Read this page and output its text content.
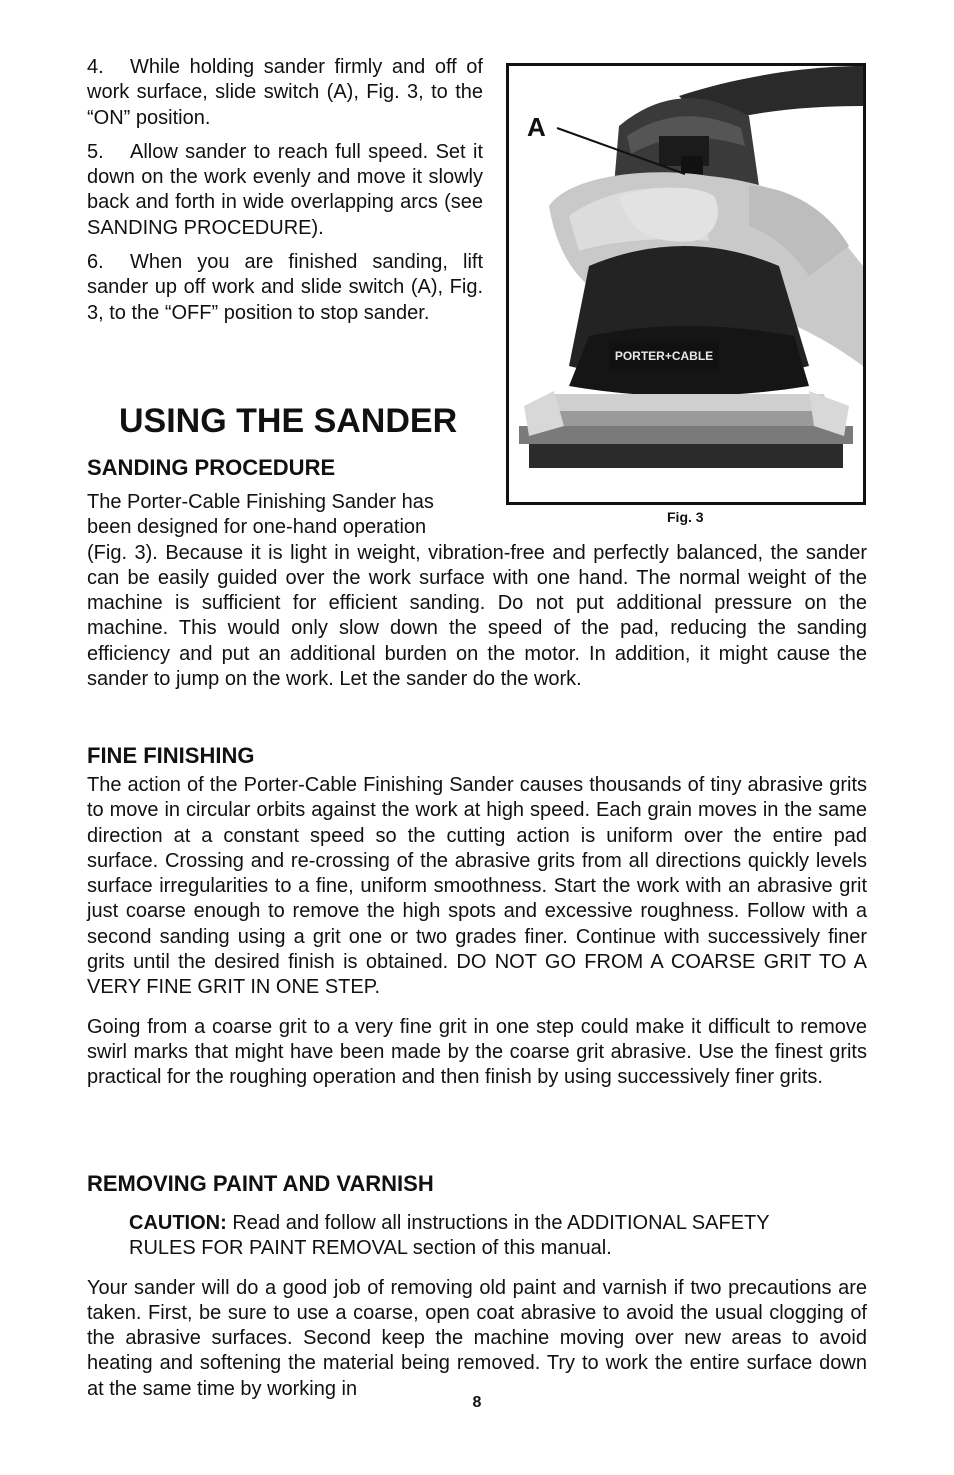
4. While holding sander firmly and off of work surface, slide switch (A), Fig. 3, to the “ON” position.

5. Allow sander to reach full speed. Set it down on the work evenly and move it slowly back and forth in wide overlapping arcs (see SANDING PROCEDURE).

6. When you are finished sanding, lift sander up off work and slide switch (A), Fig. 3, to the “OFF” position to stop sander.

USING THE SANDER
SANDING PROCEDURE
The Porter-Cable Finishing Sander has
been designed for one-hand operation
(Fig. 3). Because it is light in weight, vibration-free and perfectly balanced, the sander can be easily guided over the work surface with one hand. The normal weight of the machine is sufficient for efficient sanding. Do not put additional pressure on the machine. This would only slow down the speed of the pad, reducing the sanding efficiency and put an additional burden on the motor. In addition, it might cause the sander to jump on the work. Let the sander do the work.
PORTER+CABLE
A
Fig. 3
FINE FINISHING

The action of the Porter-Cable Finishing Sander causes thousands of tiny abrasive grits to move in circular orbits against the work at high speed. Each grain moves in the same direction at a constant speed so the cutting action is uniform over the entire pad surface. Crossing and re-crossing of the abrasive grits from all directions quickly levels surface irregularities to a fine, uniform smoothness. Start the work with an abrasive grit just coarse enough to remove the high spots and excessive roughness. Follow with a second sanding using a grit one or two grades finer. Continue with successively finer grits until the desired finish is obtained. DO NOT GO FROM A COARSE GRIT TO A VERY FINE GRIT IN ONE STEP.

Going from a coarse grit to a very fine grit in one step could make it difficult to remove swirl marks that might have been made by the coarse grit abrasive. Use the finest grits practical for the roughing operation and then finish by using successively finer grits.

REMOVING PAINT AND VARNISH

CAUTION: Read and follow all instructions in the ADDITIONAL SAFETY RULES FOR PAINT REMOVAL section of this manual.

Your sander will do a good job of removing old paint and varnish if two precautions are taken. First, be sure to use a coarse, open coat abrasive to avoid the usual clogging of the abrasive surfaces. Second keep the machine moving over new areas to avoid heating and softening the material being removed. Try to work the entire surface down at the same time by working in

8
